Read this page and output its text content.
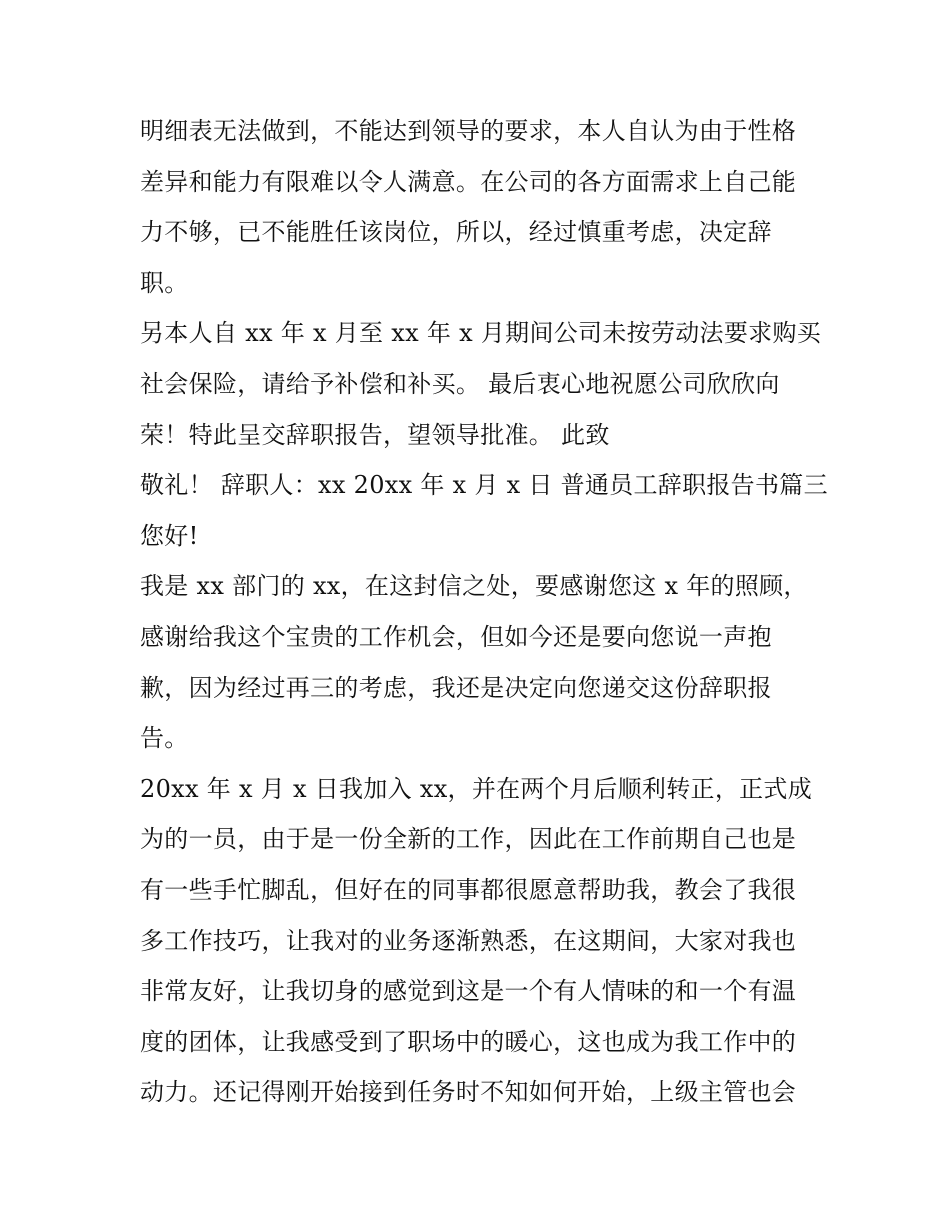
明细表无法做到，不能达到领导的要求，本人自认为由于性格
差异和能力有限难以令人满意。在公司的各方面需求上自己能
力不够，已不能胜任该岗位，所以，经过慎重考虑，决定辞
职。
另本人自 xx 年 x 月至 xx 年 x 月期间公司未按劳动法要求购买
社会保险，请给予补偿和补买。 最后衷心地祝愿公司欣欣向
荣！特此呈交辞职报告，望领导批准。 此致
敬礼！ 辞职人：xx 20xx 年 x 月 x 日 普通员工辞职报告书篇三
您好!
我是 xx 部门的 xx，在这封信之处，要感谢您这 x 年的照顾，
感谢给我这个宝贵的工作机会，但如今还是要向您说一声抱
歉，因为经过再三的考虑，我还是决定向您递交这份辞职报
告。
20xx 年 x 月 x 日我加入 xx，并在两个月后顺利转正，正式成
为的一员，由于是一份全新的工作，因此在工作前期自己也是
有一些手忙脚乱，但好在的同事都很愿意帮助我，教会了我很
多工作技巧，让我对的业务逐渐熟悉，在这期间，大家对我也
非常友好，让我切身的感觉到这是一个有人情味的和一个有温
度的团体，让我感受到了职场中的暖心，这也成为我工作中的
动力。还记得刚开始接到任务时不知如何开始，上级主管也会
